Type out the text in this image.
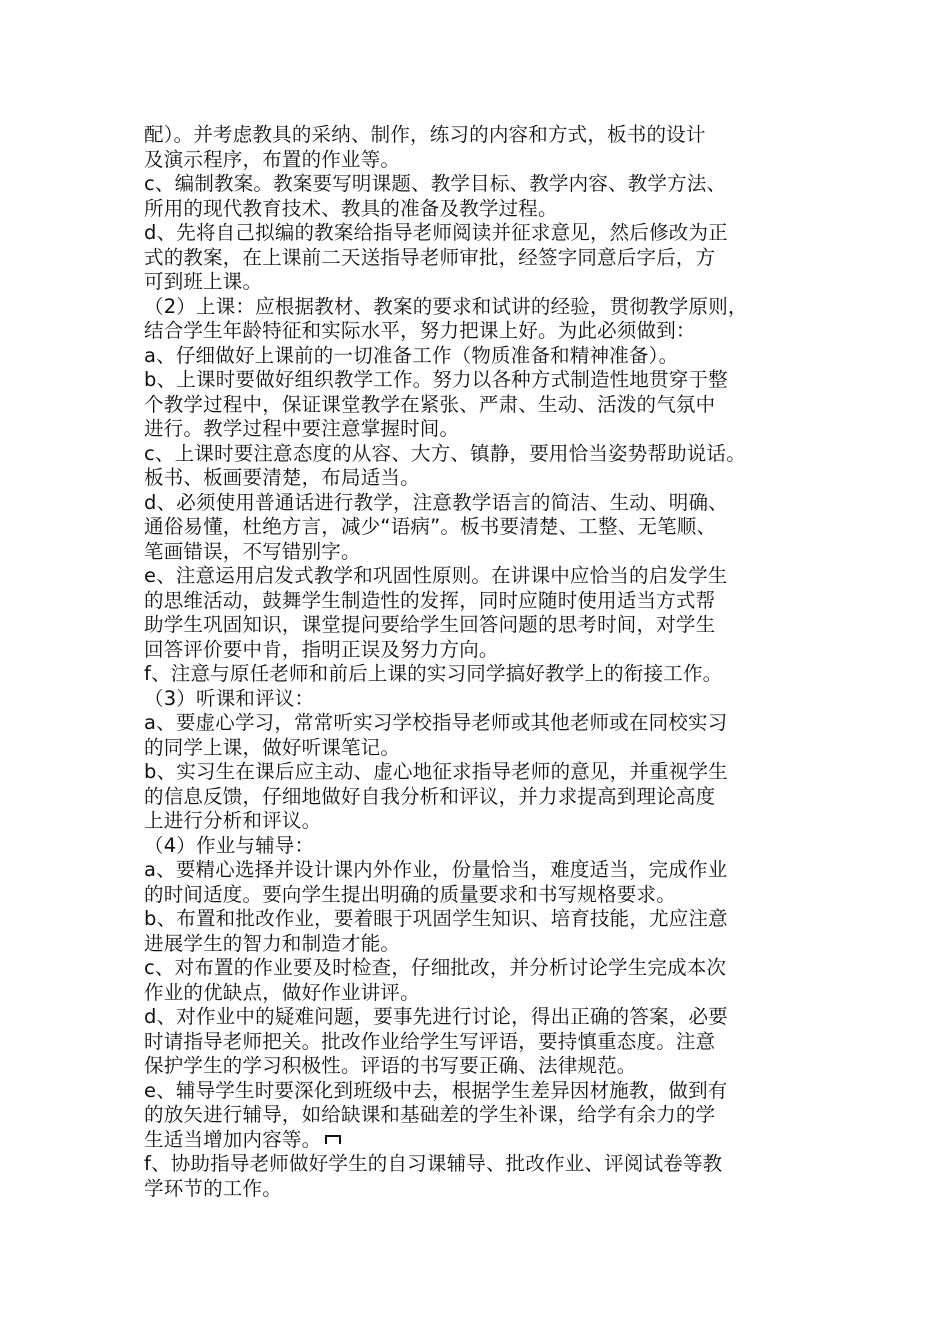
配）。并考虑教具的采纳、制作，练习的内容和方式，板书的设计
及演示程序，布置的作业等。
c、编制教案。教案要写明课题、教学目标、教学内容、教学方法、
所用的现代教育技术、教具的准备及教学过程。
d、先将自己拟编的教案给指导老师阅读并征求意见，然后修改为正
式的教案，在上课前二天送指导老师审批，经签字同意后字后，方
可到班上课。
（2）上课：应根据教材、教案的要求和试讲的经验，贯彻教学原则，
结合学生年龄特征和实际水平，努力把课上好。为此必须做到：
a、仔细做好上课前的一切准备工作（物质准备和精神准备）。
b、上课时要做好组织教学工作。努力以各种方式制造性地贯穿于整
个教学过程中，保证课堂教学在紧张、严肃、生动、活泼的气氛中
进行。教学过程中要注意掌握时间。
c、上课时要注意态度的从容、大方、镇静，要用恰当姿势帮助说话。
板书、板画要清楚，布局适当。
d、必须使用普通话进行教学，注意教学语言的简洁、生动、明确、
通俗易懂，杜绝方言，减少“语病”。板书要清楚、工整、无笔顺、
笔画错误，不写错别字。
e、注意运用启发式教学和巩固性原则。在讲课中应恰当的启发学生
的思维活动，鼓舞学生制造性的发挥，同时应随时使用适当方式帮
助学生巩固知识，课堂提问要给学生回答问题的思考时间，对学生
回答评价要中肯，指明正误及努力方向。
f、注意与原任老师和前后上课的实习同学搞好教学上的衔接工作。
（3）听课和评议：
a、要虚心学习，常常听实习学校指导老师或其他老师或在同校实习
的同学上课，做好听课笔记。
b、实习生在课后应主动、虚心地征求指导老师的意见，并重视学生
的信息反馈，仔细地做好自我分析和评议，并力求提高到理论高度
上进行分析和评议。
（4）作业与辅导：
a、要精心选择并设计课内外作业，份量恰当，难度适当，完成作业
的时间适度。要向学生提出明确的质量要求和书写规格要求。
b、布置和批改作业，要着眼于巩固学生知识、培育技能，尤应注意
进展学生的智力和制造才能。
c、对布置的作业要及时检查，仔细批改，并分析讨论学生完成本次
作业的优缺点，做好作业讲评。
d、对作业中的疑难问题，要事先进行讨论，得出正确的答案，必要
时请指导老师把关。批改作业给学生写评语，要持慎重态度。注意
保护学生的学习积极性。评语的书写要正确、法律规范。
e、辅导学生时要深化到班级中去，根据学生差异因材施教，做到有
的放矢进行辅导，如给缺课和基础差的学生补课，给学有余力的学
生适当增加内容等。
f、协助指导老师做好学生的自习课辅导、批改作业、评阅试卷等教
学环节的工作。
